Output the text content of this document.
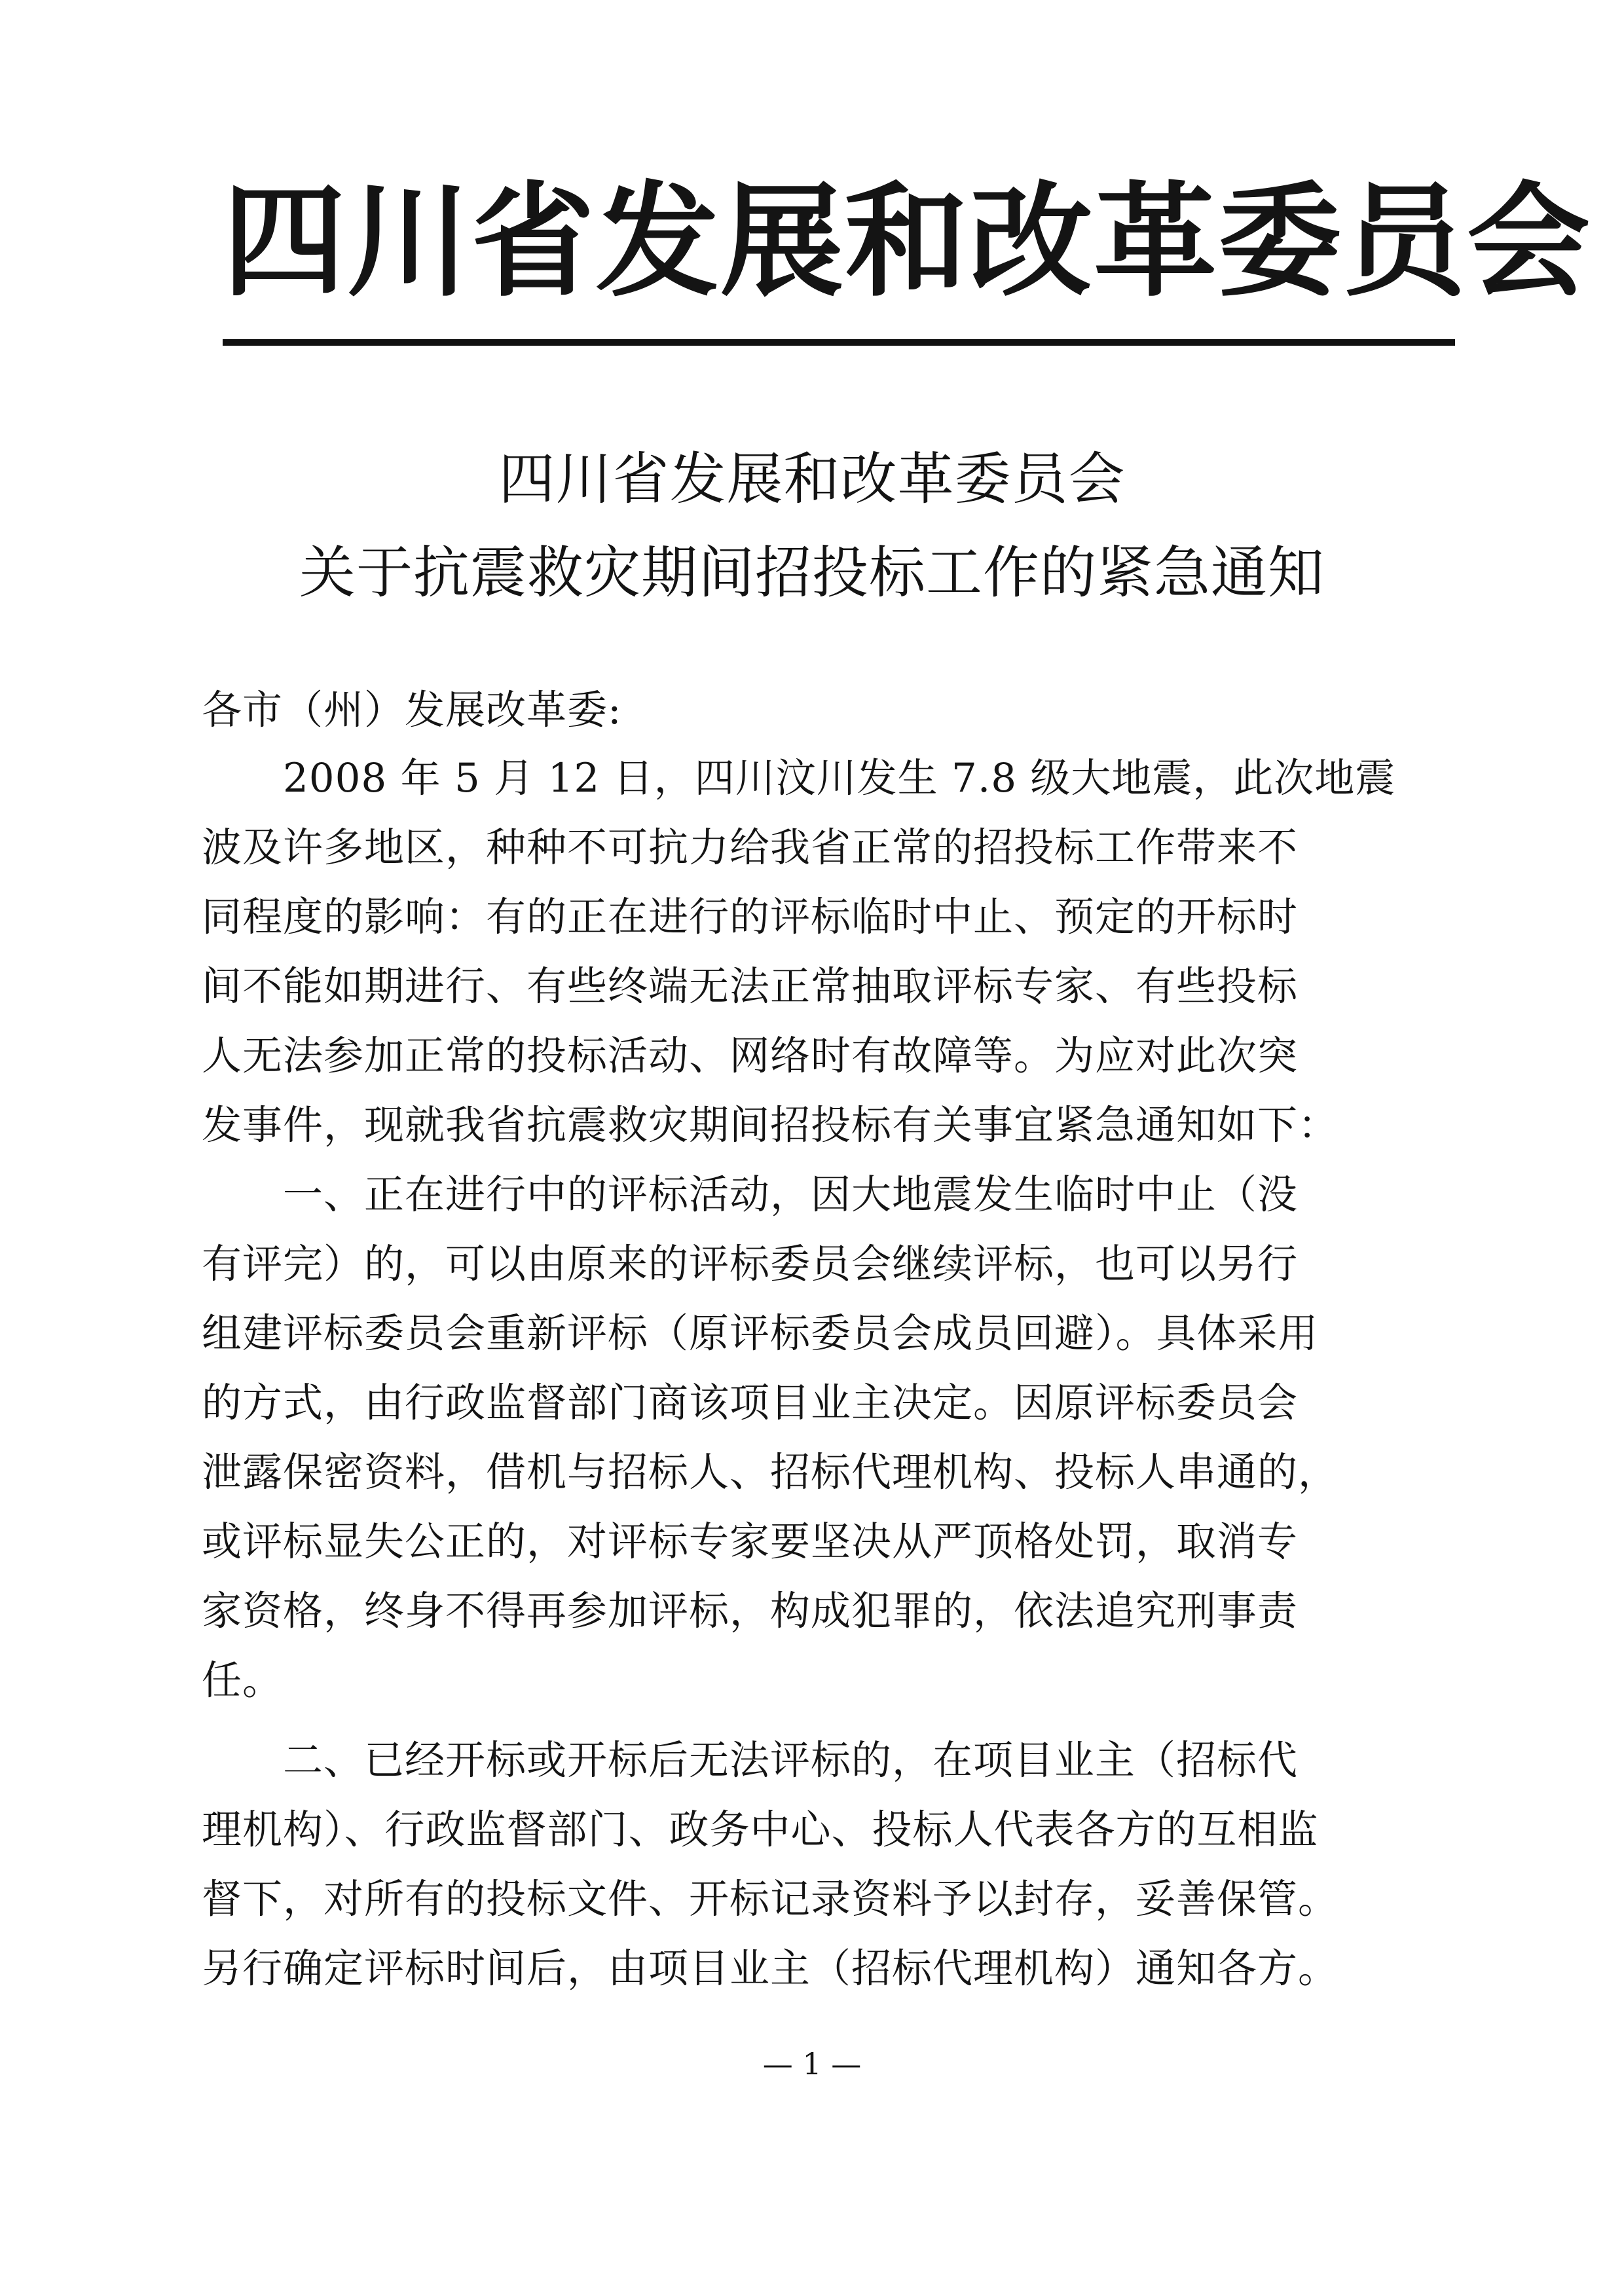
四川省发展和改革委员会
四川省发展和改革委员会
关于抗震救灾期间招投标工作的紧急通知
各市（州）发展改革委:
　　2008 年 5 月 12 日，四川汶川发生 7.8 级大地震，此次地震
波及许多地区，种种不可抗力给我省正常的招投标工作带来不
同程度的影响：有的正在进行的评标临时中止、预定的开标时
间不能如期进行、有些终端无法正常抽取评标专家、有些投标
人无法参加正常的投标活动、网络时有故障等。为应对此次突
发事件，现就我省抗震救灾期间招投标有关事宜紧急通知如下：
　　一、正在进行中的评标活动，因大地震发生临时中止（没
有评完）的，可以由原来的评标委员会继续评标，也可以另行
组建评标委员会重新评标（原评标委员会成员回避）。具体采用
的方式，由行政监督部门商该项目业主决定。因原评标委员会
泄露保密资料，借机与招标人、招标代理机构、投标人串通的，
或评标显失公正的，对评标专家要坚决从严顶格处罚，取消专
家资格，终身不得再参加评标，构成犯罪的，依法追究刑事责
任。
　　二、已经开标或开标后无法评标的，在项目业主（招标代
理机构）、行政监督部门、政务中心、投标人代表各方的互相监
督下，对所有的投标文件、开标记录资料予以封存，妥善保管。
另行确定评标时间后，由项目业主（招标代理机构）通知各方。
— 1 —
